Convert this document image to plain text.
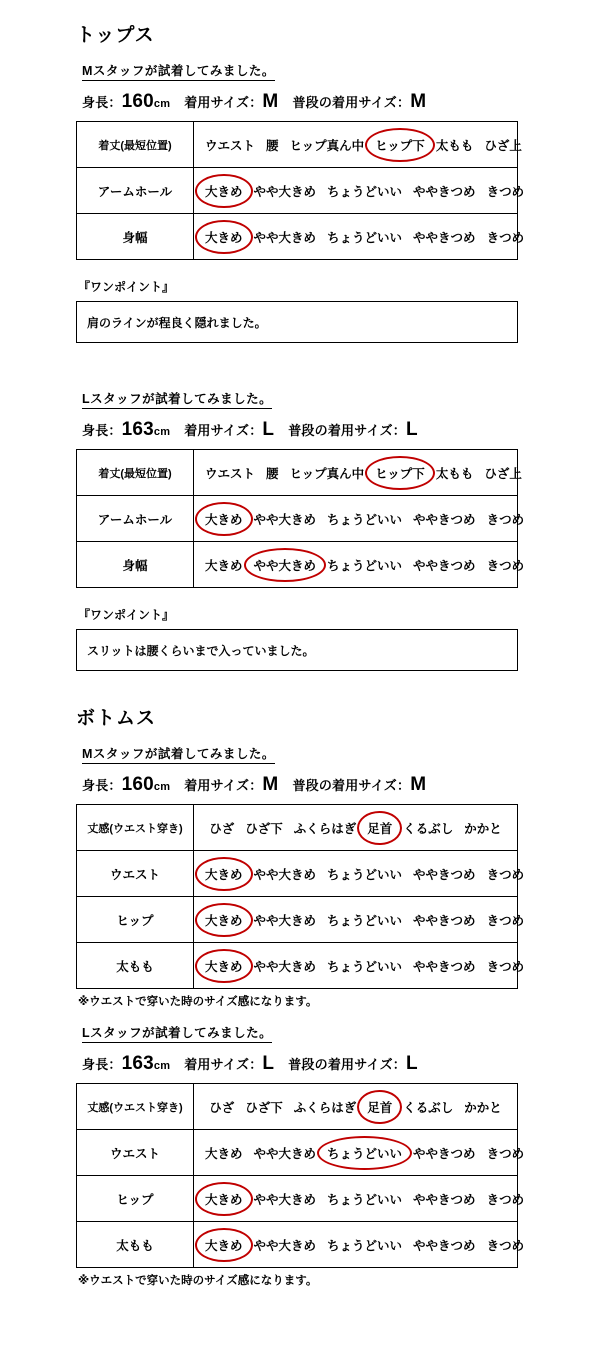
トップス
Mスタッフが試着してみました。
身長：160cm 着用サイズ：M 普段の着用サイズ：M
着丈(最短位置)	ウエスト 腰 ヒップ真ん中 ヒップ下 太もも ひざ上
アームホール	大きめ やや大きめ ちょうどいい ややきつめ きつめ
身幅	大きめ やや大きめ ちょうどいい ややきつめ きつめ
『ワンポイント』
肩のラインが程良く隠れました。
Lスタッフが試着してみました。
身長：163cm 着用サイズ：L 普段の着用サイズ：L
着丈(最短位置)	ウエスト 腰 ヒップ真ん中 ヒップ下 太もも ひざ上
アームホール	大きめ やや大きめ ちょうどいい ややきつめ きつめ
身幅	大きめ やや大きめ ちょうどいい ややきつめ きつめ
『ワンポイント』
スリットは腰くらいまで入っていました。
ボトムス
Mスタッフが試着してみました。
身長：160cm 着用サイズ：M 普段の着用サイズ：M
丈感(ウエスト穿き)	ひざ ひざ下 ふくらはぎ 足首 くるぶし かかと
ウエスト	大きめ やや大きめ ちょうどいい ややきつめ きつめ
ヒップ	大きめ やや大きめ ちょうどいい ややきつめ きつめ
太もも	大きめ やや大きめ ちょうどいい ややきつめ きつめ
※ウエストで穿いた時のサイズ感になります。
Lスタッフが試着してみました。
身長：163cm 着用サイズ：L 普段の着用サイズ：L
丈感(ウエスト穿き)	ひざ ひざ下 ふくらはぎ 足首 くるぶし かかと
ウエスト	大きめ やや大きめ ちょうどいい ややきつめ きつめ
ヒップ	大きめ やや大きめ ちょうどいい ややきつめ きつめ
太もも	大きめ やや大きめ ちょうどいい ややきつめ きつめ
※ウエストで穿いた時のサイズ感になります。
